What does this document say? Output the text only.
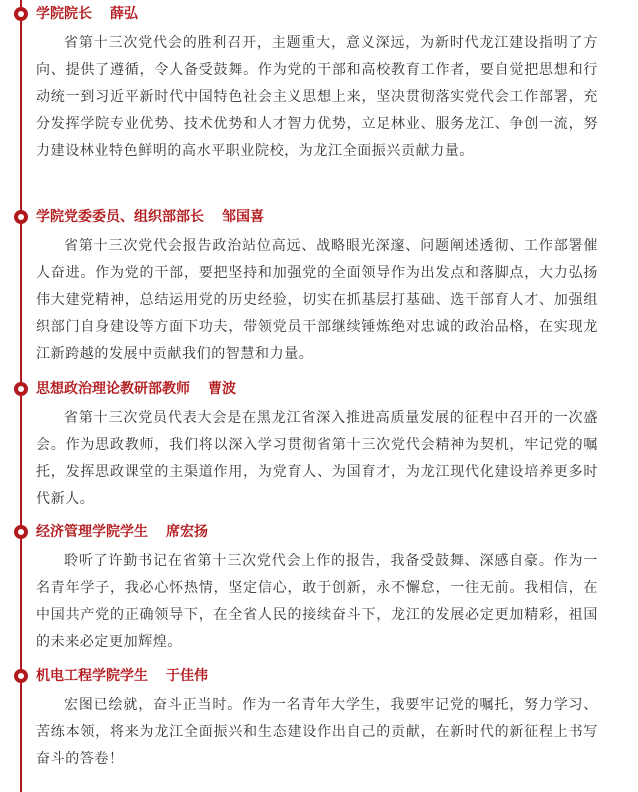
学院院长 薛弘

省第十三次党代会的胜利召开，主题重大，意义深远，为新时代龙江建设指明了方向、提供了遵循，令人备受鼓舞。作为党的干部和高校教育工作者，要自觉把思想和行动统一到习近平新时代中国特色社会主义思想上来，坚决贯彻落实党代会工作部署，充分发挥学院专业优势、技术优势和人才智力优势，立足林业、服务龙江、争创一流，努力建设林业特色鲜明的高水平职业院校，为龙江全面振兴贡献力量。

学院党委委员、组织部部长 邹国喜

省第十三次党代会报告政治站位高远、战略眼光深邃、问题阐述透彻、工作部署催人奋进。作为党的干部，要把坚持和加强党的全面领导作为出发点和落脚点，大力弘扬伟大建党精神，总结运用党的历史经验，切实在抓基层打基础、选干部育人才、加强组织部门自身建设等方面下功夫，带领党员干部继续锤炼绝对忠诚的政治品格，在实现龙江新跨越的发展中贡献我们的智慧和力量。

思想政治理论教研部教师 曹波

省第十三次党员代表大会是在黑龙江省深入推进高质量发展的征程中召开的一次盛会。作为思政教师，我们将以深入学习贯彻省第十三次党代会精神为契机，牢记党的嘱托，发挥思政课堂的主渠道作用，为党育人、为国育才，为龙江现代化建设培养更多时代新人。

经济管理学院学生 席宏扬

聆听了许勤书记在省第十三次党代会上作的报告，我备受鼓舞、深感自豪。作为一名青年学子，我必心怀热情，坚定信心，敢于创新，永不懈怠，一往无前。我相信，在中国共产党的正确领导下，在全省人民的接续奋斗下，龙江的发展必定更加精彩，祖国的未来必定更加辉煌。

机电工程学院学生 于佳伟

宏图已绘就，奋斗正当时。作为一名青年大学生，我要牢记党的嘱托，努力学习、苦练本领，将来为龙江全面振兴和生态建设作出自己的贡献，在新时代的新征程上书写奋斗的答卷！
